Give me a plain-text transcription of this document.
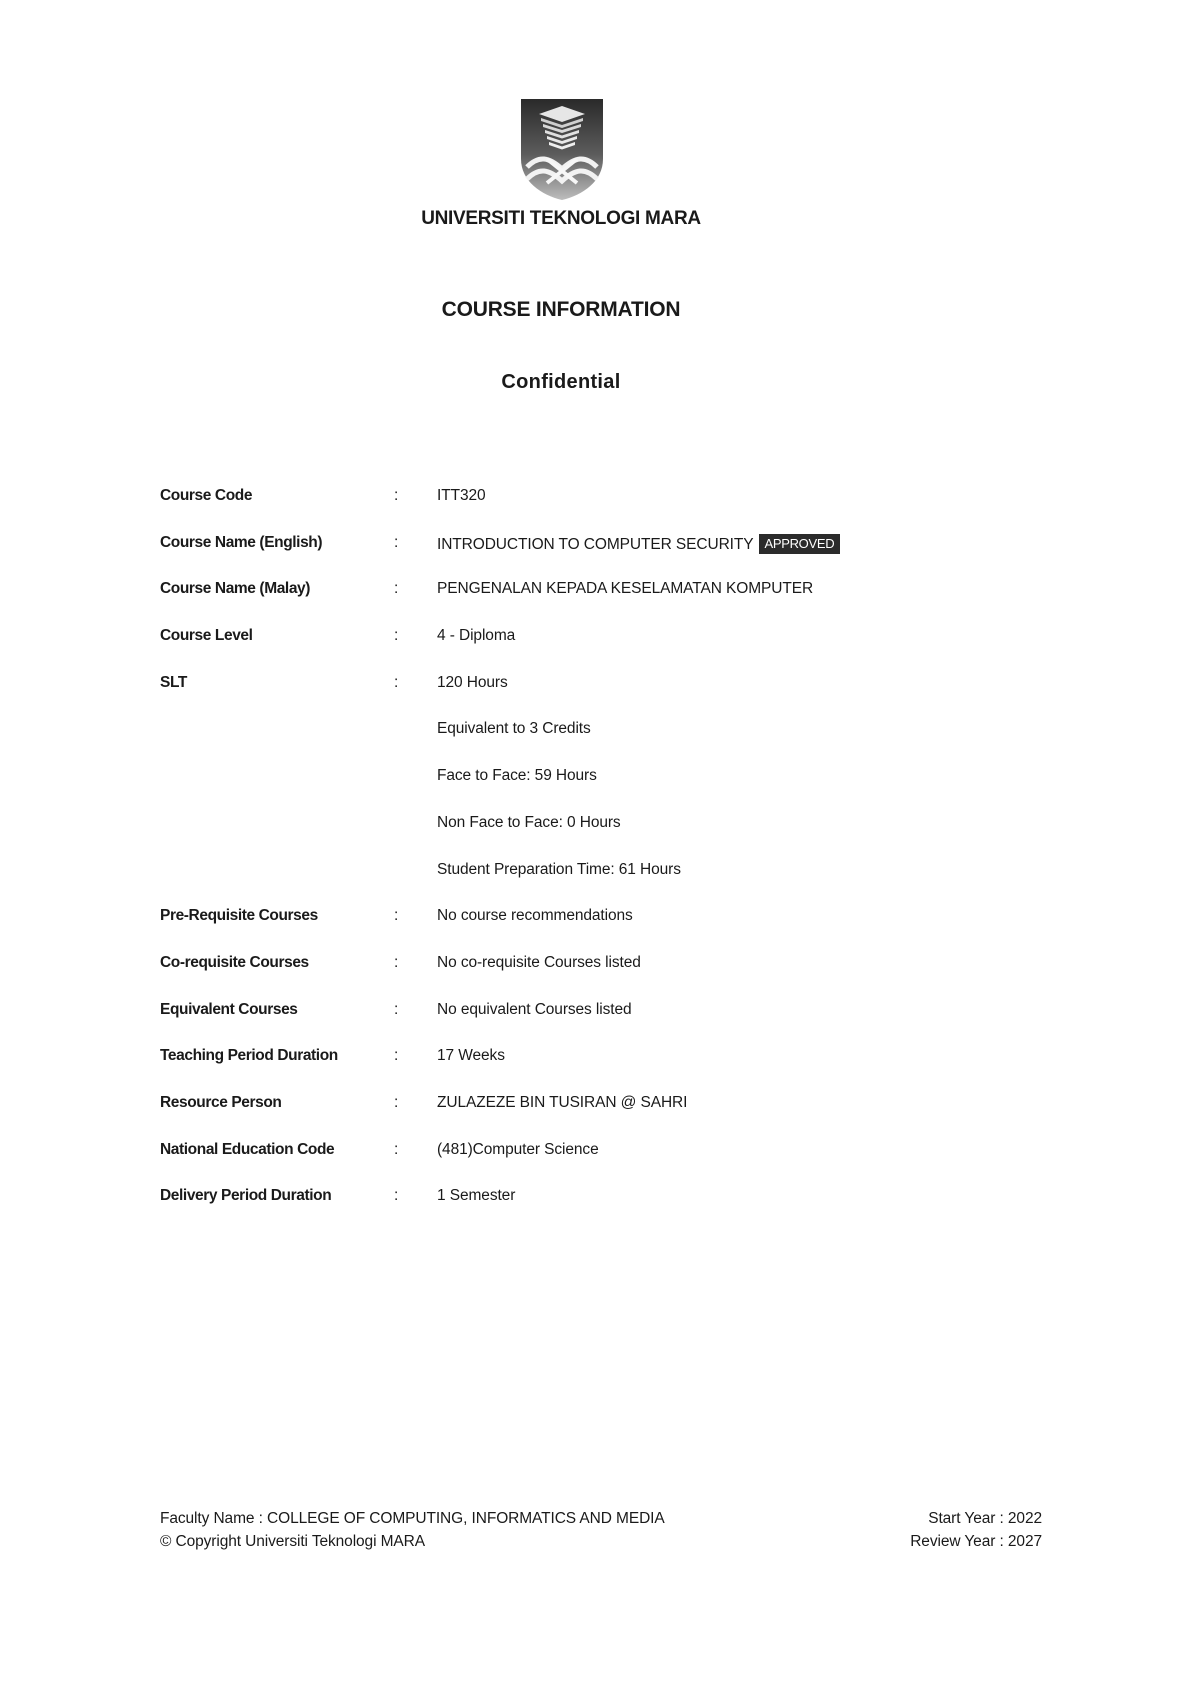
UNIVERSITI TEKNOLOGI MARA
COURSE INFORMATION
Confidential
Course Code	: ITT320
Course Name (English)	: INTRODUCTION TO COMPUTER SECURITY APPROVED
Course Name (Malay)	: PENGENALAN KEPADA KESELAMATAN KOMPUTER
Course Level	: 4 - Diploma
SLT	: 120 Hours
Equivalent to 3 Credits
Face to Face: 59 Hours
Non Face to Face: 0 Hours
Student Preparation Time: 61 Hours
Pre-Requisite Courses	: No course recommendations
Co-requisite Courses	: No co-requisite Courses listed
Equivalent Courses	: No equivalent Courses listed
Teaching Period Duration	: 17 Weeks
Resource Person	: ZULAZEZE BIN TUSIRAN @ SAHRI
National Education Code	: (481)Computer Science
Delivery Period Duration	: 1 Semester
Faculty Name : COLLEGE OF COMPUTING, INFORMATICS AND MEDIA
© Copyright Universiti Teknologi MARA
Start Year : 2022
Review Year : 2027
